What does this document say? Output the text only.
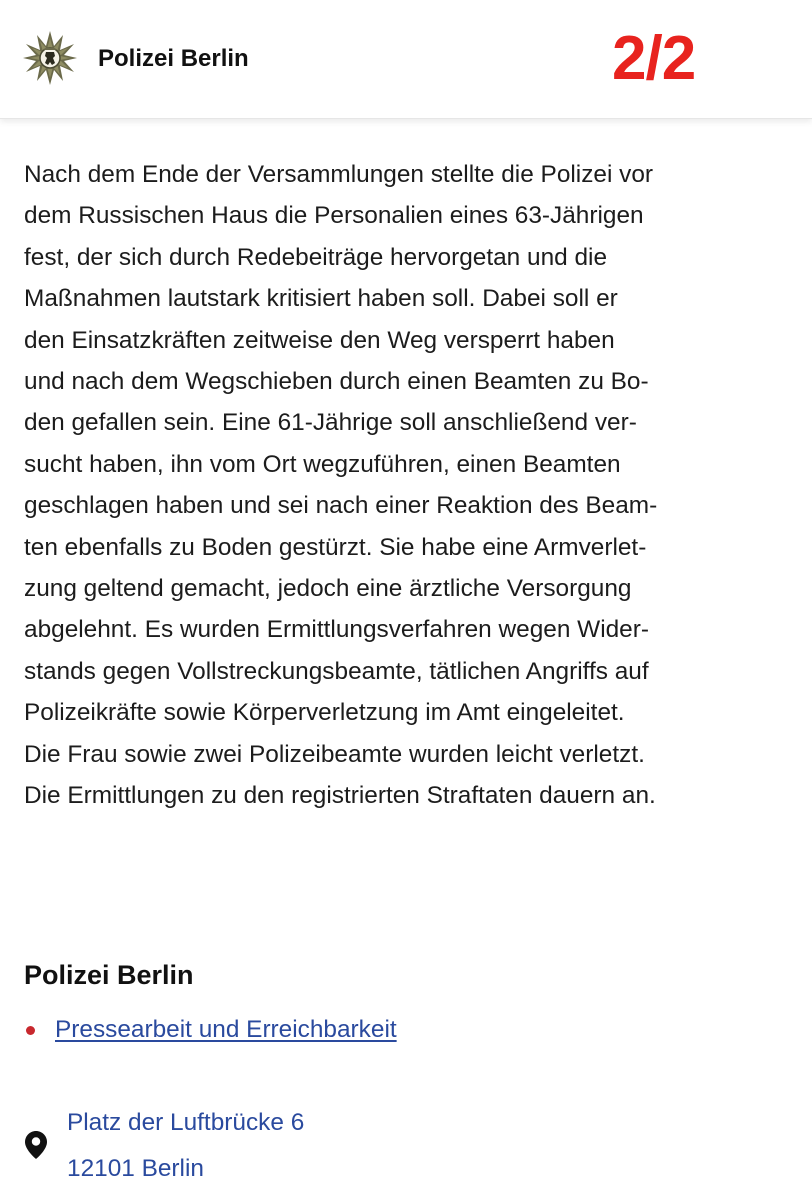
Polizei Berlin	2/2

Nach dem Ende der Versammlungen stellte die Polizei vor
dem Russischen Haus die Personalien eines 63-Jährigen
fest, der sich durch Redebeiträge hervorgetan und die
Maßnahmen lautstark kritisiert haben soll. Dabei soll er
den Einsatzkräften zeitweise den Weg versperrt haben
und nach dem Wegschieben durch einen Beamten zu Bo-
den gefallen sein. Eine 61-Jährige soll anschließend ver-
sucht haben, ihn vom Ort wegzuführen, einen Beamten
geschlagen haben und sei nach einer Reaktion des Beam-
ten ebenfalls zu Boden gestürzt. Sie habe eine Armverlet-
zung geltend gemacht, jedoch eine ärztliche Versorgung
abgelehnt. Es wurden Ermittlungsverfahren wegen Wider-
stands gegen Vollstreckungsbeamte, tätlichen Angriffs auf
Polizeikräfte sowie Körperverletzung im Amt eingeleitet.
Die Frau sowie zwei Polizeibeamte wurden leicht verletzt.
Die Ermittlungen zu den registrierten Straftaten dauern an.

Polizei Berlin
Pressearbeit und Erreichbarkeit
Platz der Luftbrücke 6
12101 Berlin
